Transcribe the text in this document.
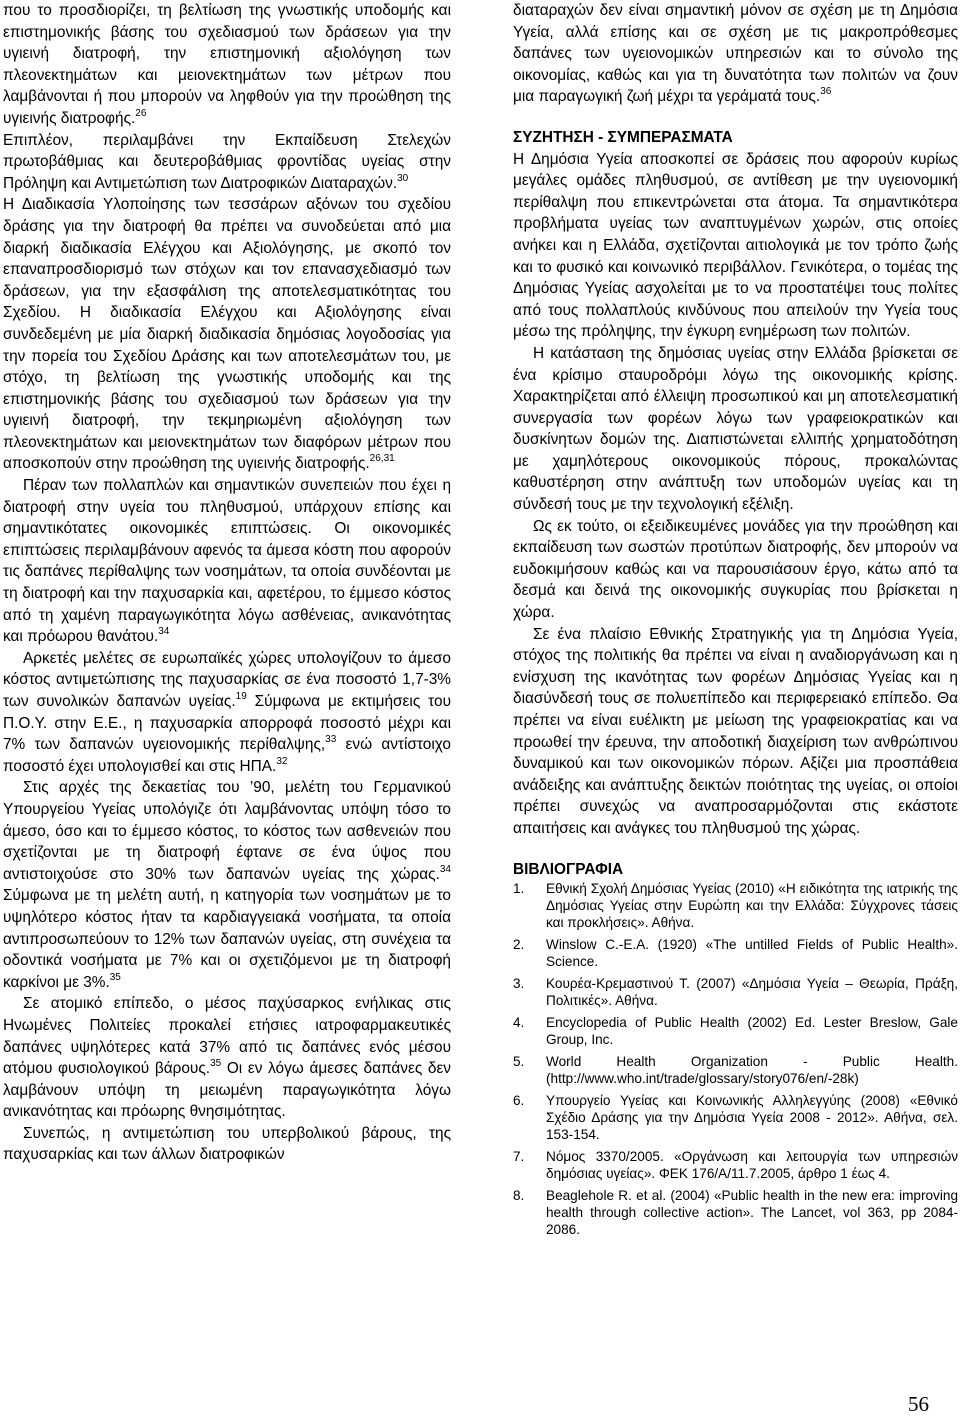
που το προσδιορίζει, τη βελτίωση της γνωστικής υποδομής και επιστημονικής βάσης του σχεδιασμού των δράσεων για την υγιεινή διατροφή, την επιστημονική αξιολόγηση των πλεονεκτημάτων και μειονεκτημάτων των μέτρων που λαμβάνονται ή που μπορούν να ληφθούν για την προώθηση της υγιεινής διατροφής.$^{26}$

Επιπλέον, περιλαμβάνει την Εκπαίδευση Στελεχών πρωτοβάθμιας και δευτεροβάθμιας φροντίδας υγείας στην Πρόληψη και Αντιμετώπιση των Διατροφικών Διαταραχών.$^{30}$

Η Διαδικασία Υλοποίησης των τεσσάρων αξόνων του σχεδίου δράσης για την διατροφή θα πρέπει να συνοδεύεται από μια διαρκή διαδικασία Ελέγχου και Αξιολόγησης, με σκοπό τον επαναπροσδιορισμό των στόχων και τον επανασχεδιασμό των δράσεων, για την εξασφάλιση της αποτελεσματικότητας του Σχεδίου. Η διαδικασία Ελέγχου και Αξιολόγησης είναι συνδεδεμένη με μία διαρκή διαδικασία δημόσιας λογοδοσίας για την πορεία του Σχεδίου Δράσης και των αποτελεσμάτων του, με στόχο, τη βελτίωση της γνωστικής υποδομής και της επιστημονικής βάσης του σχεδιασμού των δράσεων για την υγιεινή διατροφή, την τεκμηριωμένη αξιολόγηση των πλεονεκτημάτων και μειονεκτημάτων των διαφόρων μέτρων που αποσκοπούν στην προώθηση της υγιεινής διατροφής.$^{26,31}$

Πέραν των πολλαπλών και σημαντικών συνεπειών που έχει η διατροφή στην υγεία του πληθυσμού, υπάρχουν επίσης και σημαντικότατες οικονομικές επιπτώσεις. Οι οικονομικές επιπτώσεις περιλαμβάνουν αφενός τα άμεσα κόστη που αφορούν τις δαπάνες περίθαλψης των νοσημάτων, τα οποία συνδέονται με τη διατροφή και την παχυσαρκία και, αφετέρου, το έμμεσο κόστος από τη χαμένη παραγωγικότητα λόγω ασθένειας, ανικανότητας και πρόωρου θανάτου.$^{34}$

Αρκετές μελέτες σε ευρωπαϊκές χώρες υπολογίζουν το άμεσο κόστος αντιμετώπισης της παχυσαρκίας σε ένα ποσοστό 1,7-3% των συνολικών δαπανών υγείας.$^{19}$ Σύμφωνα με εκτιμήσεις του Π.Ο.Υ. στην Ε.Ε., η παχυσαρκία απορροφά ποσοστό μέχρι και 7% των δαπανών υγειονομικής περίθαλψης,$^{33}$ ενώ αντίστοιχο ποσοστό έχει υπολογισθεί και στις ΗΠΑ.$^{32}$

Στις αρχές της δεκαετίας του ’90, μελέτη του Γερμανικού Υπουργείου Υγείας υπολόγιζε ότι λαμβάνοντας υπόψη τόσο το άμεσο, όσο και το έμμεσο κόστος, το κόστος των ασθενειών που σχετίζονται με τη διατροφή έφτανε σε ένα ύψος που αντιστοιχούσε στο 30% των δαπανών υγείας της χώρας.$^{34}$ Σύμφωνα με τη μελέτη αυτή, η κατηγορία των νοσημάτων με το υψηλότερο κόστος ήταν τα καρδιαγγειακά νοσήματα, τα οποία αντιπροσωπεύουν το 12% των δαπανών υγείας, στη συνέχεια τα οδοντικά νοσήματα με 7% και οι σχετιζόμενοι με τη διατροφή καρκίνοι με 3%.$^{35}$

Σε ατομικό επίπεδο, ο μέσος παχύσαρκος ενήλικας στις Ηνωμένες Πολιτείες προκαλεί ετήσιες ιατροφαρμακευτικές δαπάνες υψηλότερες κατά 37% από τις δαπάνες ενός μέσου ατόμου φυσιολογικού βάρους.$^{35}$ Οι εν λόγω άμεσες δαπάνες δεν λαμβάνουν υπόψη τη μειωμένη παραγωγικότητα λόγω ανικανότητας και πρόωρης θνησιμότητας.

Συνεπώς, η αντιμετώπιση του υπερβολικού βάρους, της παχυσαρκίας και των άλλων διατροφικών

διαταραχών δεν είναι σημαντική μόνον σε σχέση με τη Δημόσια Υγεία, αλλά επίσης και σε σχέση με τις μακροπρόθεσμες δαπάνες των υγειονομικών υπηρεσιών και το σύνολο της οικονομίας, καθώς και για τη δυνατότητα των πολιτών να ζουν μια παραγωγική ζωή μέχρι τα γεράματά τους.$^{36}$

ΣΥΖΗΤΗΣΗ - ΣΥΜΠΕΡΑΣΜΑΤΑ

Η Δημόσια Υγεία αποσκοπεί σε δράσεις που αφορούν κυρίως μεγάλες ομάδες πληθυσμού, σε αντίθεση με την υγειονομική περίθαλψη που επικεντρώνεται στα άτομα. Τα σημαντικότερα προβλήματα υγείας των αναπτυγμένων χωρών, στις οποίες ανήκει και η Ελλάδα, σχετίζονται αιτιολογικά με τον τρόπο ζωής και το φυσικό και κοινωνικό περιβάλλον. Γενικότερα, ο τομέας της Δημόσιας Υγείας ασχολείται με το να προστατέψει τους πολίτες από τους πολλαπλούς κινδύνους που απειλούν την Υγεία τους μέσω της πρόληψης, την έγκυρη ενημέρωση των πολιτών.

Η κατάσταση της δημόσιας υγείας στην Ελλάδα βρίσκεται σε ένα κρίσιμο σταυροδρόμι λόγω της οικονομικής κρίσης. Χαρακτηρίζεται από έλλειψη προσωπικού και μη αποτελεσματική συνεργασία των φορέων λόγω των γραφειοκρατικών και δυσκίνητων δομών της. Διαπιστώνεται ελλιπής χρηματοδότηση με χαμηλότερους οικονομικούς πόρους, προκαλώντας καθυστέρηση στην ανάπτυξη των υποδομών υγείας και τη σύνδεσή τους με την τεχνολογική εξέλιξη.

Ως εκ τούτο, οι εξειδικευμένες μονάδες για την προώθηση και εκπαίδευση των σωστών προτύπων διατροφής, δεν μπορούν να ευδοκιμήσουν καθώς και να παρουσιάσουν έργο, κάτω από τα δεσμά και δεινά της οικονομικής συγκυρίας που βρίσκεται η χώρα.

Σε ένα πλαίσιο Εθνικής Στρατηγικής για τη Δημόσια Υγεία, στόχος της πολιτικής θα πρέπει να είναι η αναδιοργάνωση και η ενίσχυση της ικανότητας των φορέων Δημόσιας Υγείας και η διασύνδεσή τους σε πολυεπίπεδο και περιφερειακό επίπεδο. Θα πρέπει να είναι ευέλικτη με μείωση της γραφειοκρατίας και να προωθεί την έρευνα, την αποδοτική διαχείριση των ανθρώπινου δυναμικού και των οικονομικών πόρων. Αξίζει μια προσπάθεια ανάδειξης και ανάπτυξης δεικτών ποιότητας της υγείας, οι οποίοι πρέπει συνεχώς να αναπροσαρμόζονται στις εκάστοτε απαιτήσεις και ανάγκες του πληθυσμού της χώρας.

ΒΙΒΛΙΟΓΡΑΦΙΑ
1. Εθνική Σχολή Δημόσιας Υγείας (2010) «Η ειδικότητα της ιατρικής της Δημόσιας Υγείας στην Ευρώπη και την Ελλάδα: Σύγχρονες τάσεις και προκλήσεις». Αθήνα.
2. Winslow C.-E.A. (1920) «The untilled Fields of Public Health». Science.
3. Κουρέα-Κρεμαστινού Τ. (2007) «Δημόσια Υγεία – Θεωρία, Πράξη, Πολιτικές». Αθήνα.
4. Encyclopedia of Public Health (2002) Ed. Lester Breslow, Gale Group, Inc.
5. World Health Organization - Public Health. (http://www.who.int/trade/glossary/story076/en/-28k)
6. Υπουργείο Υγείας και Κοινωνικής Αλληλεγγύης (2008) «Εθνικό Σχέδιο Δράσης για την Δημόσια Υγεία 2008 - 2012». Αθήνα, σελ. 153-154.
7. Νόμος 3370/2005. «Οργάνωση και λειτουργία των υπηρεσιών δημόσιας υγείας». ΦΕΚ 176/Α/11.7.2005, άρθρο 1 έως 4.
8. Beaglehole R. et al. (2004) «Public health in the new era: improving health through collective action». The Lancet, vol 363, pp 2084-2086.
56
